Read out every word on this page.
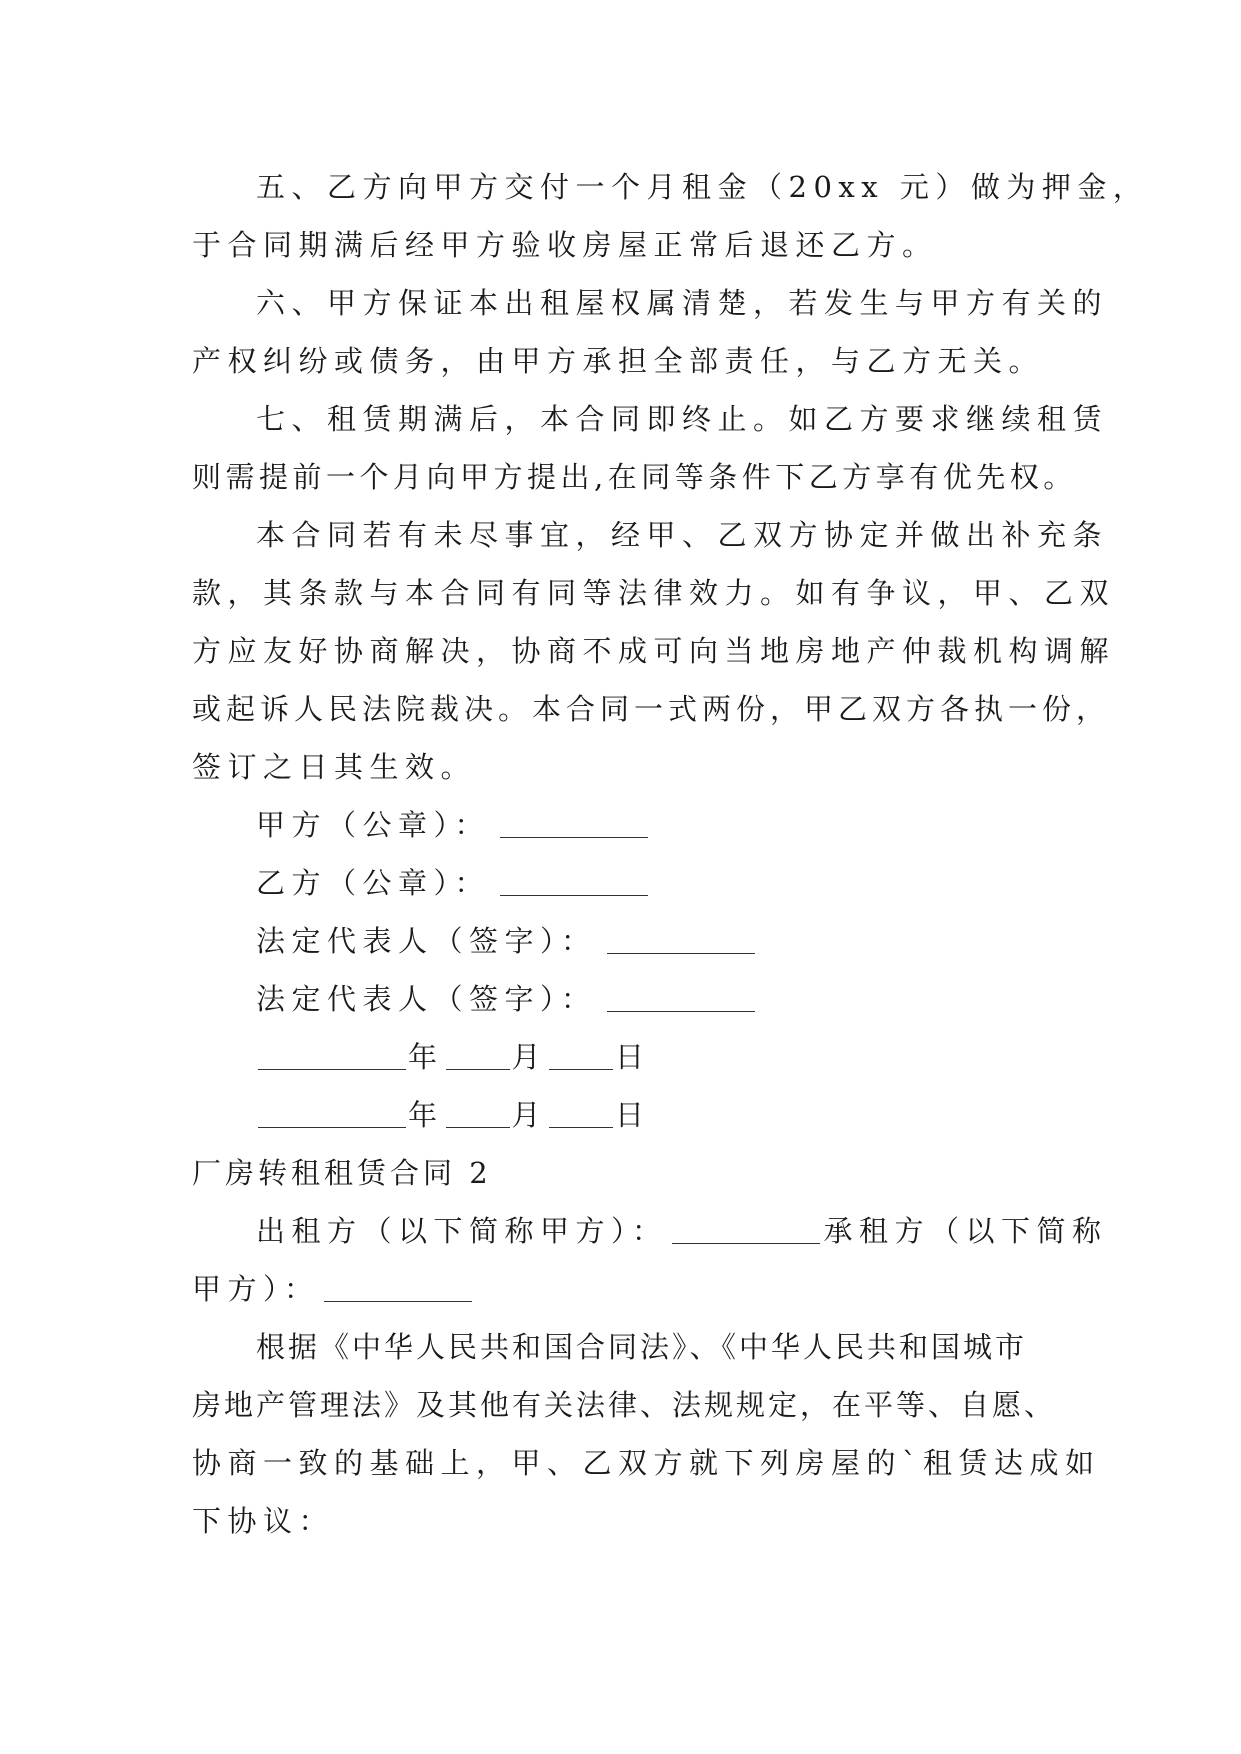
五、乙方向甲方交付一个月租金（20xx 元）做为押金，
于合同期满后经甲方验收房屋正常后退还乙方。
六、甲方保证本出租屋权属清楚，若发生与甲方有关的
产权纠纷或债务，由甲方承担全部责任，与乙方无关。
七、租赁期满后，本合同即终止。如乙方要求继续租赁
则需提前一个月向甲方提出,在同等条件下乙方享有优先权。
本合同若有未尽事宜，经甲、乙双方协定并做出补充条
款，其条款与本合同有同等法律效力。如有争议，甲、乙双
方应友好协商解决，协商不成可向当地房地产仲裁机构调解
或起诉人民法院裁决。本合同一式两份，甲乙双方各执一份，
签订之日其生效。
甲方（公章）：
乙方（公章）：
法定代表人（签字）：
法定代表人（签字）：
年 月 日
年 月 日
厂房转租租赁合同 2
出租方（以下简称甲方）：	承租方（以下简称
甲方）：
根据《中华人民共和国合同法》、《中华人民共和国城市
房地产管理法》及其他有关法律、法规规定，在平等、自愿、
协商一致的基础上，甲、乙双方就下列房屋的`租赁达成如
下协议：
